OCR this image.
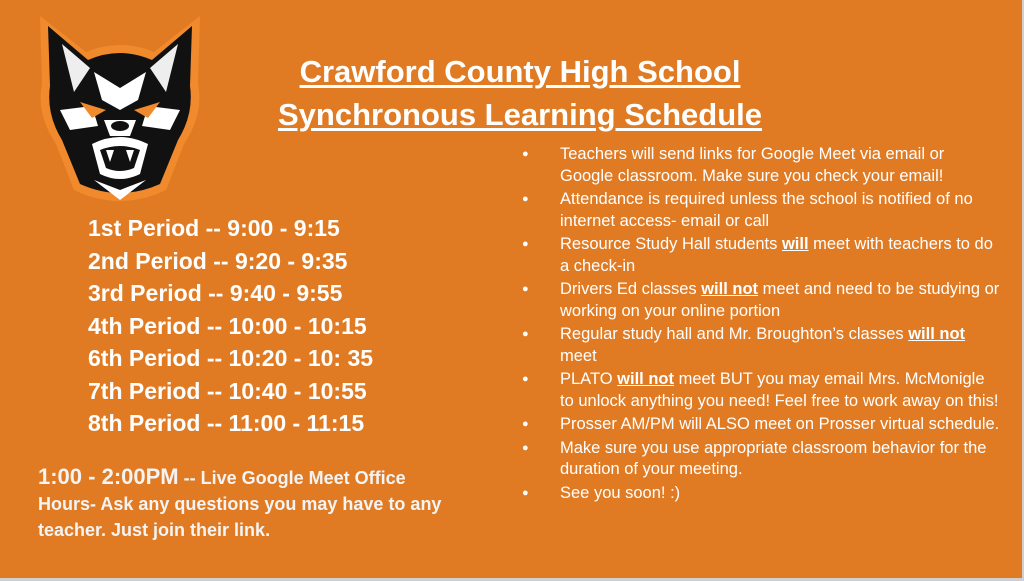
Crawford County High School
Synchronous Learning Schedule
1st Period -- 9:00 - 9:15
2nd Period -- 9:20 - 9:35
3rd Period -- 9:40 - 9:55
4th Period -- 10:00 - 10:15
6th Period -- 10:20 - 10: 35
7th Period -- 10:40 - 10:55
8th Period -- 11:00 - 11:15
1:00 - 2:00PM -- Live Google Meet Office Hours- Ask any questions you may have to any teacher. Just join their link.
● Teachers will send links for Google Meet via email or Google classroom. Make sure you check your email!
● Attendance is required unless the school is notified of no internet access- email or call
● Resource Study Hall students will meet with teachers to do a check-in
● Drivers Ed classes will not meet and need to be studying or working on your online portion
● Regular study hall and Mr. Broughton’s classes will not meet
● PLATO will not meet BUT you may email Mrs. McMonigle to unlock anything you need! Feel free to work away on this!
● Prosser AM/PM will ALSO meet on Prosser virtual schedule.
● Make sure you use appropriate classroom behavior for the duration of your meeting.
● See you soon! :)
